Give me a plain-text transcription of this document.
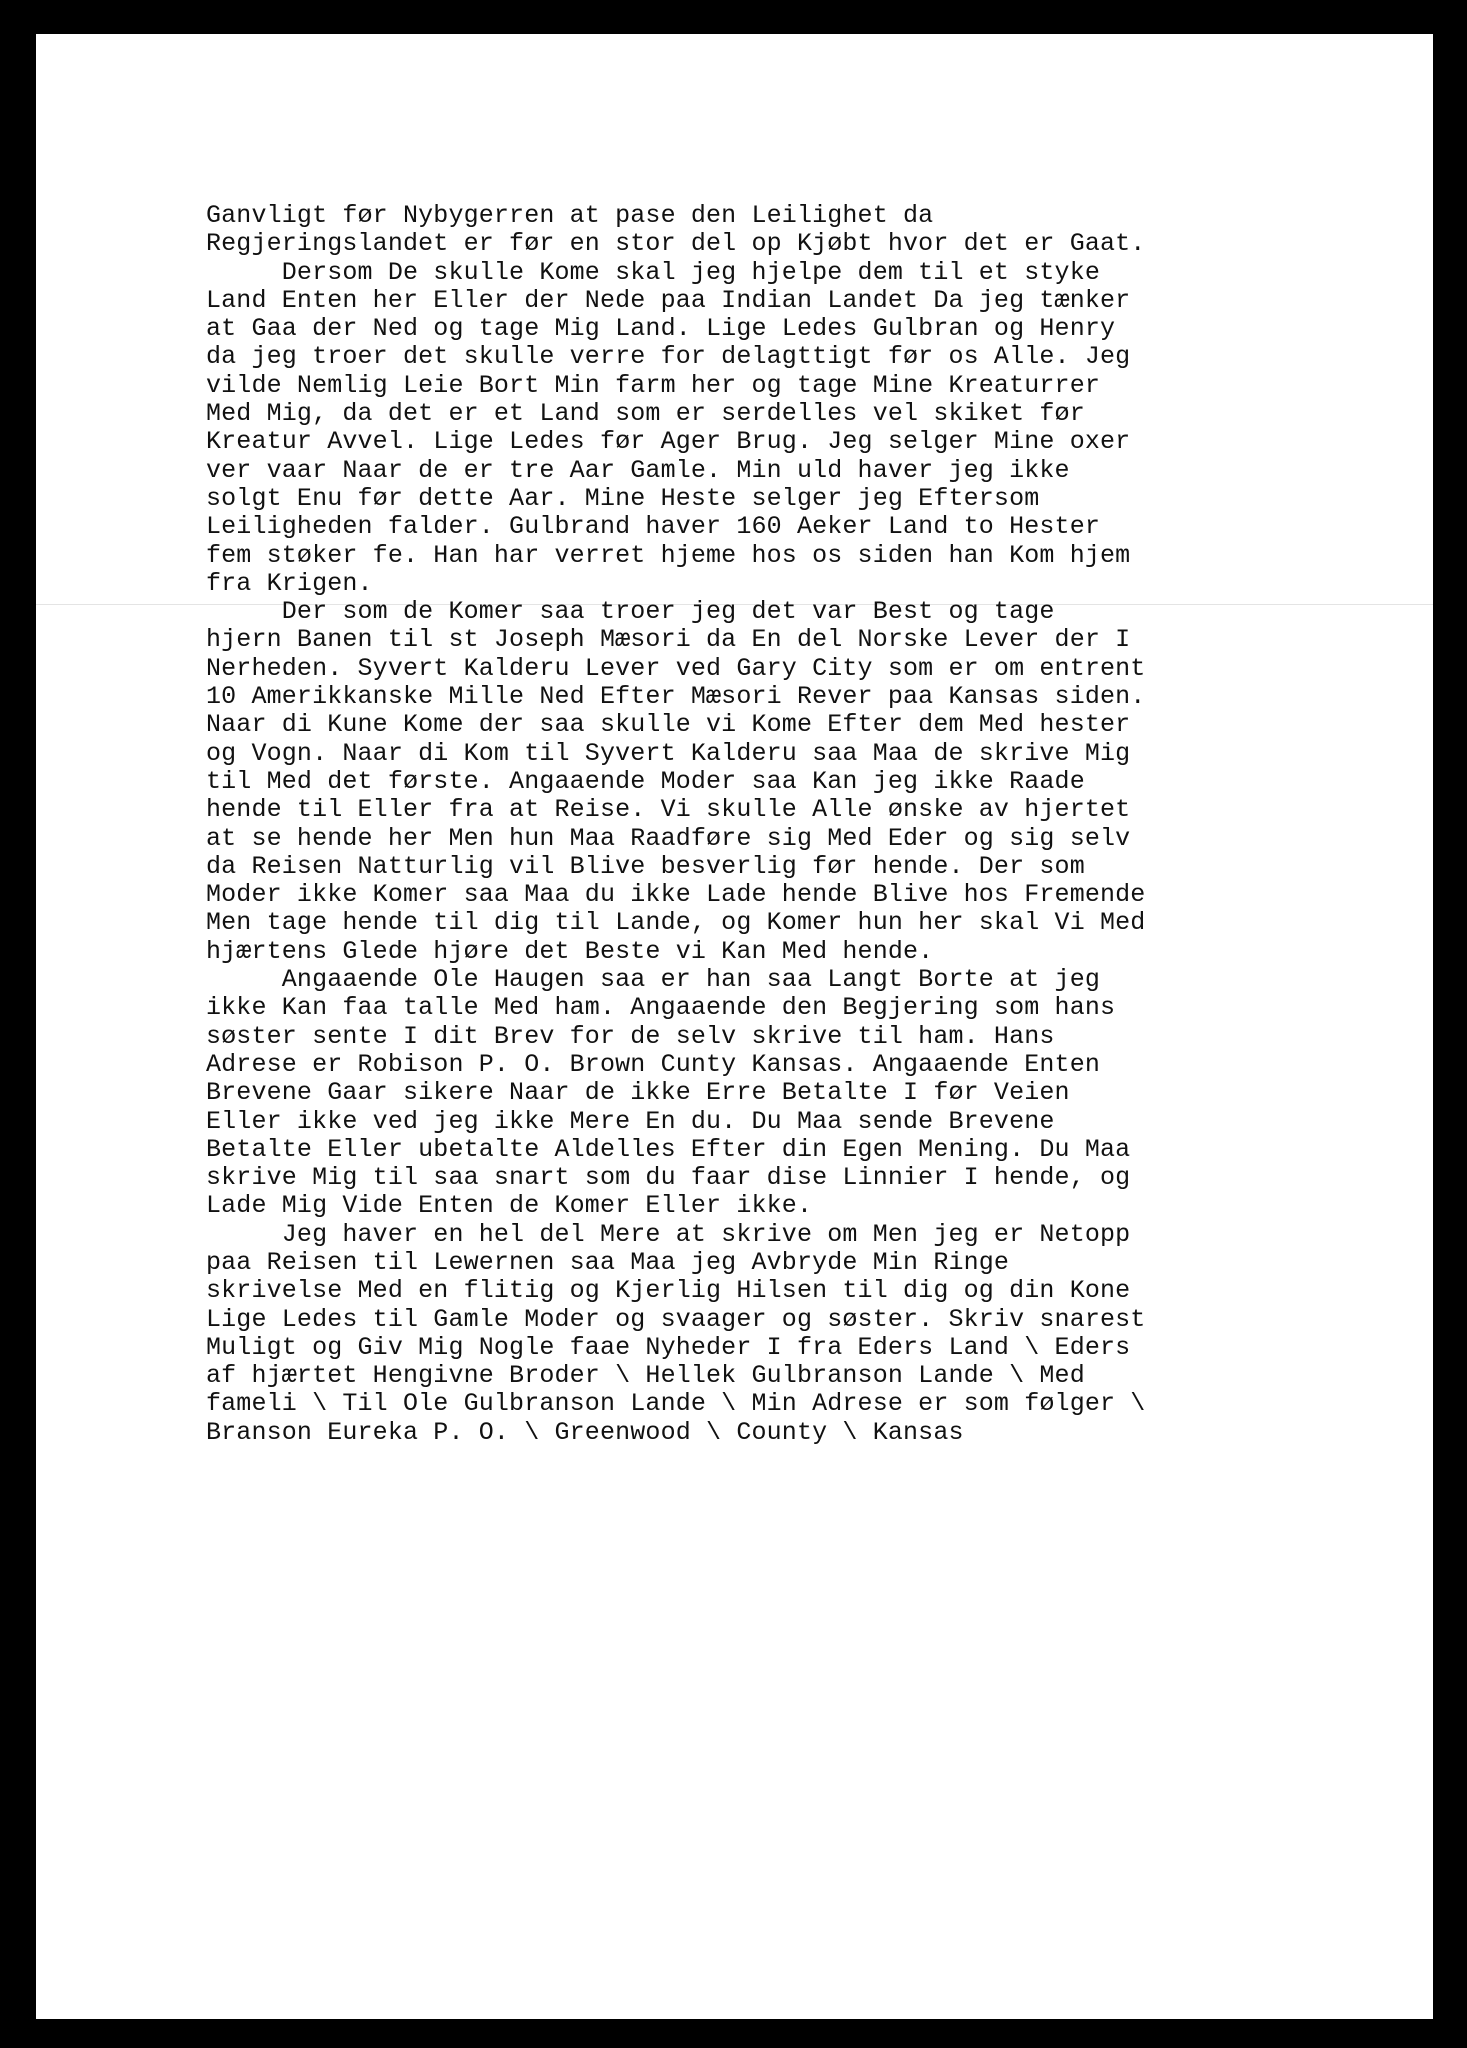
Ganvligt før Nybygerren at pase den Leilighet da
Regjeringslandet er før en stor del op Kjøbt hvor det er Gaat.
Dersom De skulle Kome skal jeg hjelpe dem til et styke
Land Enten her Eller der Nede paa Indian Landet Da jeg tænker
at Gaa der Ned og tage Mig Land. Lige Ledes Gulbran og Henry
da jeg troer det skulle verre for delagttigt før os Alle. Jeg
vilde Nemlig Leie Bort Min farm her og tage Mine Kreaturrer
Med Mig, da det er et Land som er serdelles vel skiket før
Kreatur Avvel. Lige Ledes før Ager Brug. Jeg selger Mine oxer
ver vaar Naar de er tre Aar Gamle. Min uld haver jeg ikke
solgt Enu før dette Aar. Mine Heste selger jeg Eftersom
Leiligheden falder. Gulbrand haver 160 Aeker Land to Hester
fem støker fe. Han har verret hjeme hos os siden han Kom hjem
fra Krigen.
Der som de Komer saa troer jeg det var Best og tage
hjern Banen til st Joseph Mæsori da En del Norske Lever der I
Nerheden. Syvert Kalderu Lever ved Gary City som er om entrent
10 Amerikkanske Mille Ned Efter Mæsori Rever paa Kansas siden.
Naar di Kune Kome der saa skulle vi Kome Efter dem Med hester
og Vogn. Naar di Kom til Syvert Kalderu saa Maa de skrive Mig
til Med det første. Angaaende Moder saa Kan jeg ikke Raade
hende til Eller fra at Reise. Vi skulle Alle ønske av hjertet
at se hende her Men hun Maa Raadføre sig Med Eder og sig selv
da Reisen Natturlig vil Blive besverlig før hende. Der som
Moder ikke Komer saa Maa du ikke Lade hende Blive hos Fremende
Men tage hende til dig til Lande, og Komer hun her skal Vi Med
hjærtens Glede hjøre det Beste vi Kan Med hende.
Angaaende Ole Haugen saa er han saa Langt Borte at jeg
ikke Kan faa talle Med ham. Angaaende den Begjering som hans
søster sente I dit Brev for de selv skrive til ham. Hans
Adrese er Robison P. O. Brown Cunty Kansas. Angaaende Enten
Brevene Gaar sikere Naar de ikke Erre Betalte I før Veien
Eller ikke ved jeg ikke Mere En du. Du Maa sende Brevene
Betalte Eller ubetalte Aldelles Efter din Egen Mening. Du Maa
skrive Mig til saa snart som du faar dise Linnier I hende, og
Lade Mig Vide Enten de Komer Eller ikke.
Jeg haver en hel del Mere at skrive om Men jeg er Netopp
paa Reisen til Lewernen saa Maa jeg Avbryde Min Ringe
skrivelse Med en flitig og Kjerlig Hilsen til dig og din Kone
Lige Ledes til Gamle Moder og svaager og søster. Skriv snarest
Muligt og Giv Mig Nogle faae Nyheder I fra Eders Land \ Eders
af hjærtet Hengivne Broder \ Hellek Gulbranson Lande \ Med
fameli \ Til Ole Gulbranson Lande \ Min Adrese er som følger \
Branson Eureka P. O. \ Greenwood \ County \ Kansas
